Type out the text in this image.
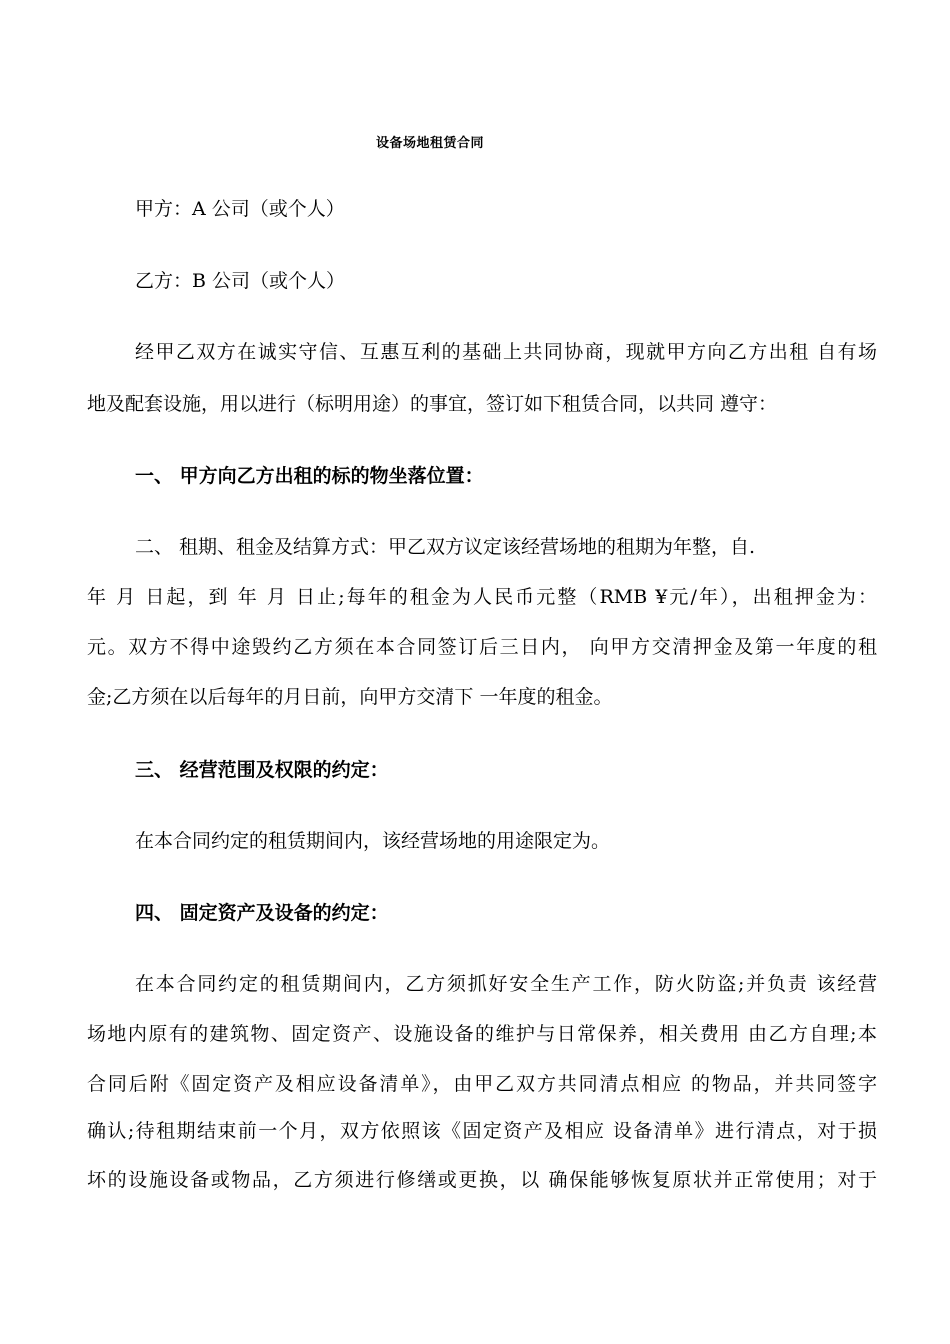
设备场地租赁合同
甲方：A 公司（或个人）
乙方：B 公司（或个人）
经甲乙双方在诚实守信、互惠互利的基础上共同协商，现就甲方向乙方出租 自有场
地及配套设施，用以进行（标明用途）的事宜，签订如下租赁合同，以共同 遵守：
一、 甲方向乙方出租的标的物坐落位置：
二、 租期、租金及结算方式：甲乙双方议定该经营场地的租期为年整，自.
年 月 日起，到 年 月 日止;每年的租金为人民币元整（RMB ¥元/年），出租押金为：
元。双方不得中途毁约乙方须在本合同签订后三日内， 向甲方交清押金及第一年度的租
金;乙方须在以后每年的月日前，向甲方交清下 一年度的租金。
三、 经营范围及权限的约定：
在本合同约定的租赁期间内，该经营场地的用途限定为。
四、 固定资产及设备的约定：
在本合同约定的租赁期间内，乙方须抓好安全生产工作，防火防盗;并负责 该经营
场地内原有的建筑物、固定资产、设施设备的维护与日常保养，相关费用 由乙方自理;本
合同后附《固定资产及相应设备清单》，由甲乙双方共同清点相应 的物品，并共同签字
确认;待租期结束前一个月，双方依照该《固定资产及相应 设备清单》进行清点，对于损
坏的设施设备或物品，乙方须进行修缮或更换，以 确保能够恢复原状并正常使用；对于
